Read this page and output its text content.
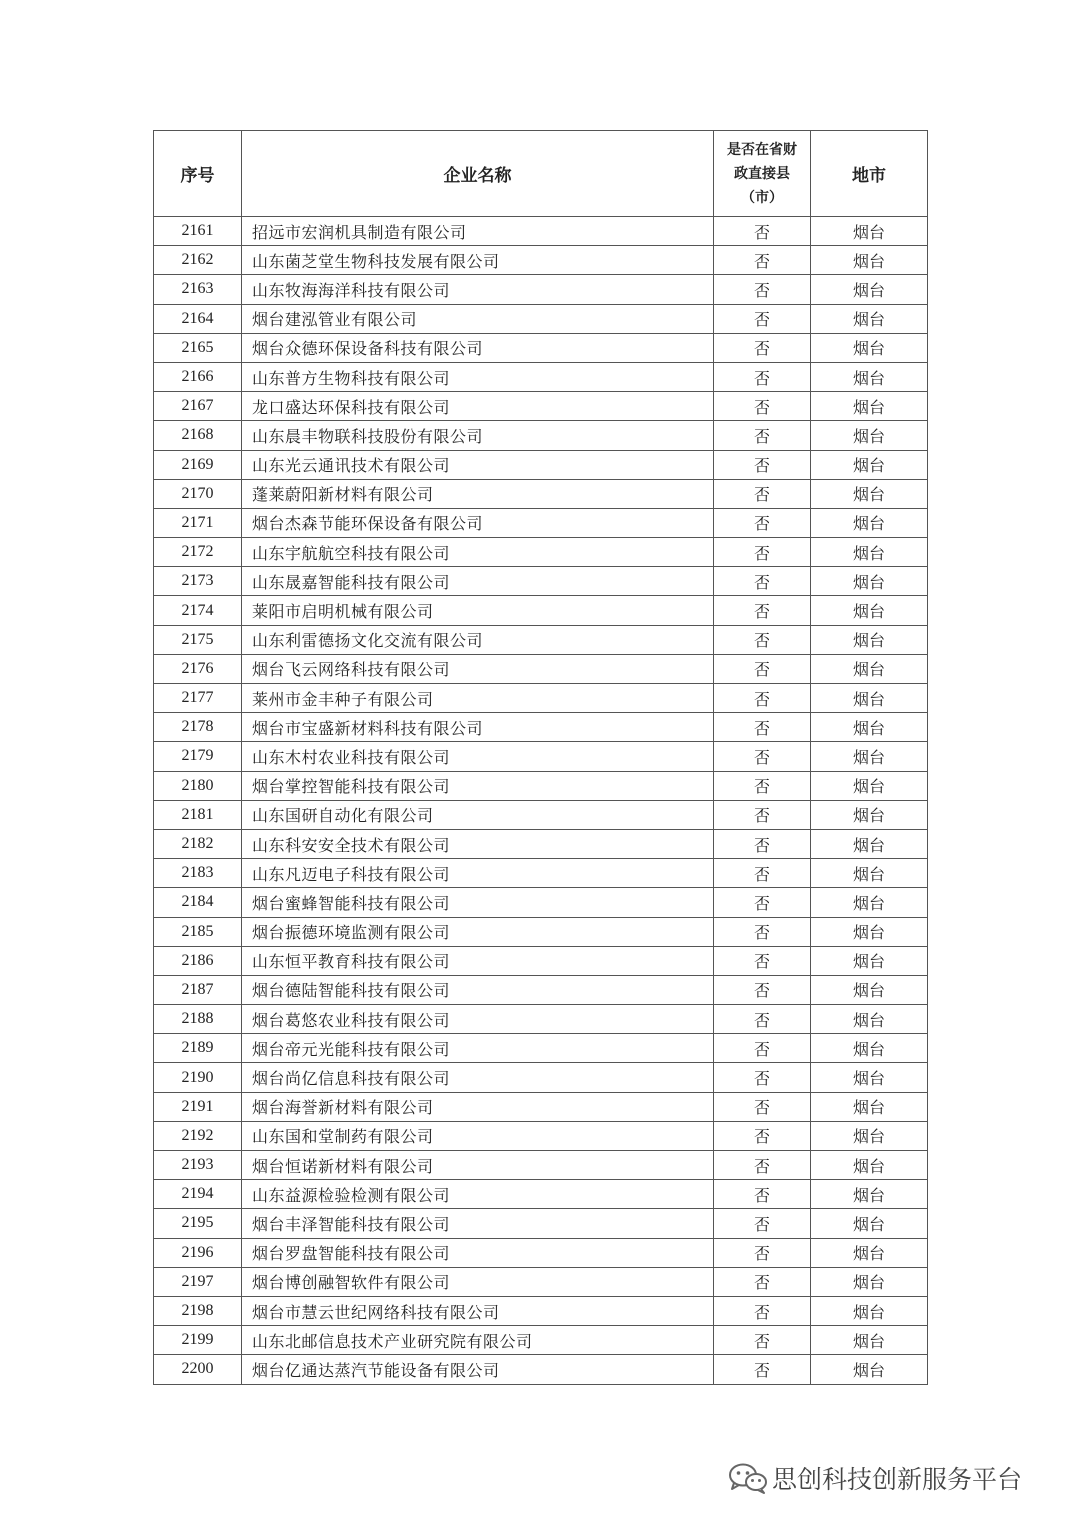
序号	企业名称	是否在省财政直接县（市）	地市
2161	招远市宏润机具制造有限公司	否	烟台
2162	山东菌芝堂生物科技发展有限公司	否	烟台
2163	山东牧海海洋科技有限公司	否	烟台
2164	烟台建泓管业有限公司	否	烟台
2165	烟台众德环保设备科技有限公司	否	烟台
2166	山东普方生物科技有限公司	否	烟台
2167	龙口盛达环保科技有限公司	否	烟台
2168	山东晨丰物联科技股份有限公司	否	烟台
2169	山东光云通讯技术有限公司	否	烟台
2170	蓬莱蔚阳新材料有限公司	否	烟台
2171	烟台杰森节能环保设备有限公司	否	烟台
2172	山东宇航航空科技有限公司	否	烟台
2173	山东晟嘉智能科技有限公司	否	烟台
2174	莱阳市启明机械有限公司	否	烟台
2175	山东利雷德扬文化交流有限公司	否	烟台
2176	烟台飞云网络科技有限公司	否	烟台
2177	莱州市金丰种子有限公司	否	烟台
2178	烟台市宝盛新材料科技有限公司	否	烟台
2179	山东木村农业科技有限公司	否	烟台
2180	烟台掌控智能科技有限公司	否	烟台
2181	山东国研自动化有限公司	否	烟台
2182	山东科安安全技术有限公司	否	烟台
2183	山东凡迈电子科技有限公司	否	烟台
2184	烟台蜜蜂智能科技有限公司	否	烟台
2185	烟台振德环境监测有限公司	否	烟台
2186	山东恒平教育科技有限公司	否	烟台
2187	烟台德陆智能科技有限公司	否	烟台
2188	烟台葛悠农业科技有限公司	否	烟台
2189	烟台帝元光能科技有限公司	否	烟台
2190	烟台尚亿信息科技有限公司	否	烟台
2191	烟台海誉新材料有限公司	否	烟台
2192	山东国和堂制药有限公司	否	烟台
2193	烟台恒诺新材料有限公司	否	烟台
2194	山东益源检验检测有限公司	否	烟台
2195	烟台丰泽智能科技有限公司	否	烟台
2196	烟台罗盘智能科技有限公司	否	烟台
2197	烟台博创融智软件有限公司	否	烟台
2198	烟台市慧云世纪网络科技有限公司	否	烟台
2199	山东北邮信息技术产业研究院有限公司	否	烟台
2200	烟台亿通达蒸汽节能设备有限公司	否	烟台
思创科技创新服务平台
